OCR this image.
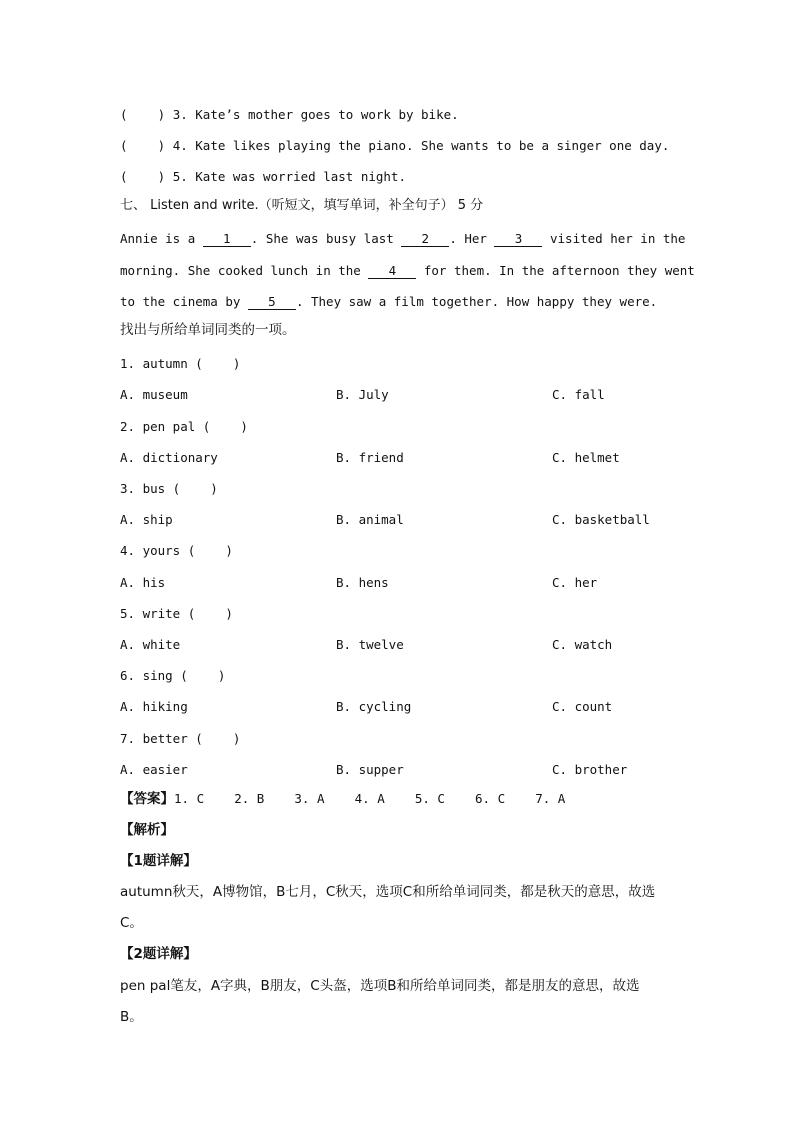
(    ) 3. Kate’s mother goes to work by bike.
(    ) 4. Kate likes playing the piano. She wants to be a singer one day.
(    ) 5. Kate was worried last night.
七、 Listen and write.（听短文，填写单词，补全句子） 5 分
Annie is a 1 . She was busy last 2 . Her 3 visited her in the
morning. She cooked lunch in the 4 for them. In the afternoon they went
to the cinema by 5 . They saw a film together. How happy they were.
找出与所给单词同类的一项。
1. autumn (    )
A. museum	B. July	C. fall
2. pen pal (    )
A. dictionary	B. friend	C. helmet
3. bus (    )
A. ship	B. animal	C. basketball
4. yours (    )
A. his	B. hens	C. her
5. write (    )
A. white	B. twelve	C. watch
6. sing (    )
A. hiking	B. cycling	C. count
7. better (    )
A. easier	B. supper	C. brother
【答案】1. C    2. B    3. A    4. A    5. C    6. C    7. A
【解析】
【1题详解】
autumn秋天，A博物馆，B七月，C秋天，选项C和所给单词同类，都是秋天的意思，故选
C。
【2题详解】
pen pal笔友，A字典，B朋友，C头盔，选项B和所给单词同类，都是朋友的意思，故选
B。
